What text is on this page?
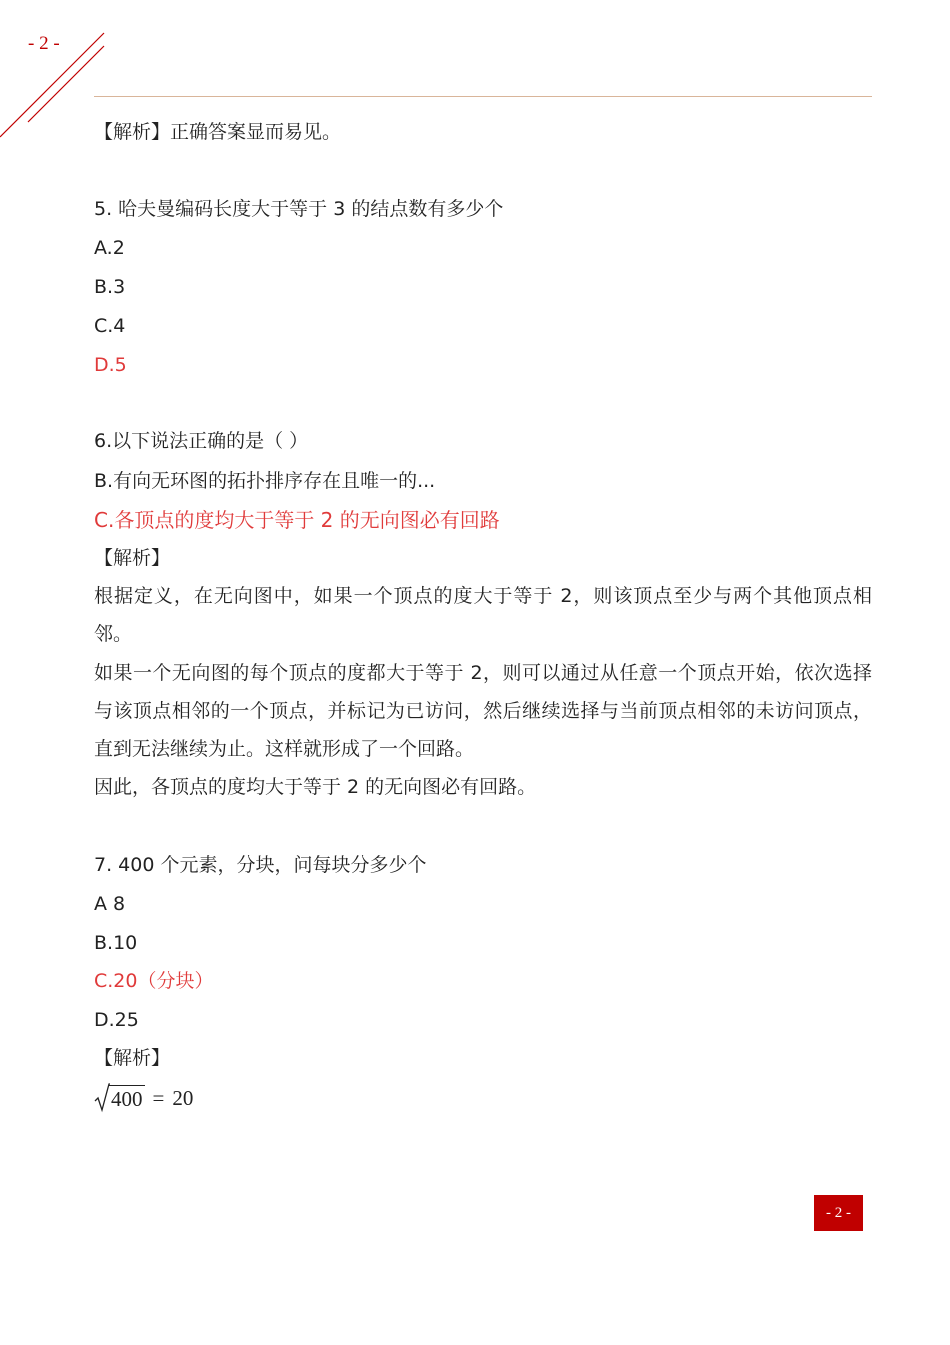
- 2 -
【解析】正确答案显而易见。
5. 哈夫曼编码长度大于等于 3 的结点数有多少个
A.2
B.3
C.4
D.5
6.以下说法正确的是（ ）
B.有向无环图的拓扑排序存在且唯一的...
C.各顶点的度均大于等于 2 的无向图必有回路
【解析】
根据定义，在无向图中，如果一个顶点的度大于等于 2，则该顶点至少与两个其他顶点相邻。
如果一个无向图的每个顶点的度都大于等于 2，则可以通过从任意一个顶点开始，依次选择与该顶点相邻的一个顶点，并标记为已访问，然后继续选择与当前顶点相邻的未访问顶点，直到无法继续为止。这样就形成了一个回路。
因此，各顶点的度均大于等于 2 的无向图必有回路。
7. 400 个元素，分块，问每块分多少个
A 8
B.10
C.20（分块）
D.25
【解析】
400 = 20
- 2 -
